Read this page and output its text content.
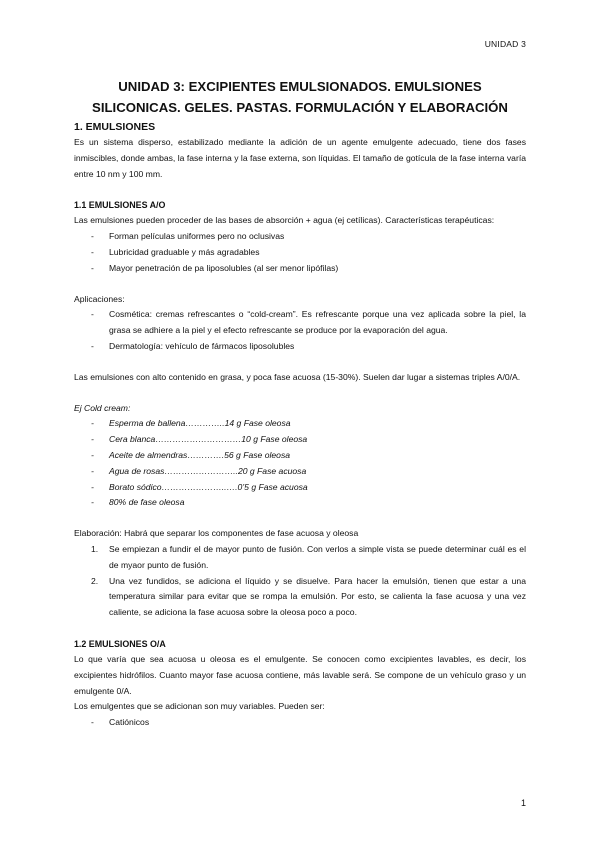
UNIDAD 3
UNIDAD 3: EXCIPIENTES EMULSIONADOS. EMULSIONES
SILICONICAS. GELES. PASTAS. FORMULACIÓN Y ELABORACIÓN
1. EMULSIONES

Es un sistema disperso, estabilizado mediante la adición de un agente emulgente adecuado, tiene dos fases inmiscibles, donde ambas, la fase interna y la fase externa, son líquidas. El tamaño de gotícula de la fase interna varía entre 10 nm y 100 mm.

1.1 EMULSIONES A/O

Las emulsiones pueden proceder de las bases de absorción + agua (ej cetílicas). Características terapéuticas:

- Forman películas uniformes pero no oclusivas
- Lubricidad graduable y más agradables
- Mayor penetración de pa liposolubles (al ser menor lipófilas)

Aplicaciones:

- Cosmética: cremas refrescantes o “cold-cream”. Es refrescante porque una vez aplicada sobre la piel, la grasa se adhiere a la piel y el efecto refrescante se produce por la evaporación del agua.
- Dermatología: vehículo de fármacos liposolubles

Las emulsiones con alto contenido en grasa, y poca fase acuosa (15-30%). Suelen dar lugar a sistemas triples A/0/A.

Ej Cold cream:

- Esperma de ballena…………..14 g Fase oleosa
- Cera blanca…………………………10 g Fase oleosa
- Aceite de almendras………….56 g Fase oleosa
- Agua de rosas……………………..20 g Fase acuosa
- Borato sódico…………………..….0’5 g Fase acuosa
- 80% de fase oleosa

Elaboración: Habrá que separar los componentes de fase acuosa y oleosa

1. Se empiezan a fundir el de mayor punto de fusión. Con verlos a simple vista se puede determinar cuál es el de myaor punto de fusión.
2. Una vez fundidos, se adiciona el líquido y se disuelve. Para hacer la emulsión, tienen que estar a una temperatura similar para evitar que se rompa la emulsión. Por esto, se calienta la fase acuosa y una vez caliente, se adiciona la fase acuosa sobre la oleosa poco a poco.
1.2 EMULSIONES O/A

Lo que varía que sea acuosa u oleosa es el emulgente. Se conocen como excipientes lavables, es decir, los excipientes hidrófilos. Cuanto mayor fase acuosa contiene, más lavable será. Se compone de un vehículo graso y un emulgente 0/A.

Los emulgentes que se adicionan son muy variables. Pueden ser:

- Catiónicos
1
